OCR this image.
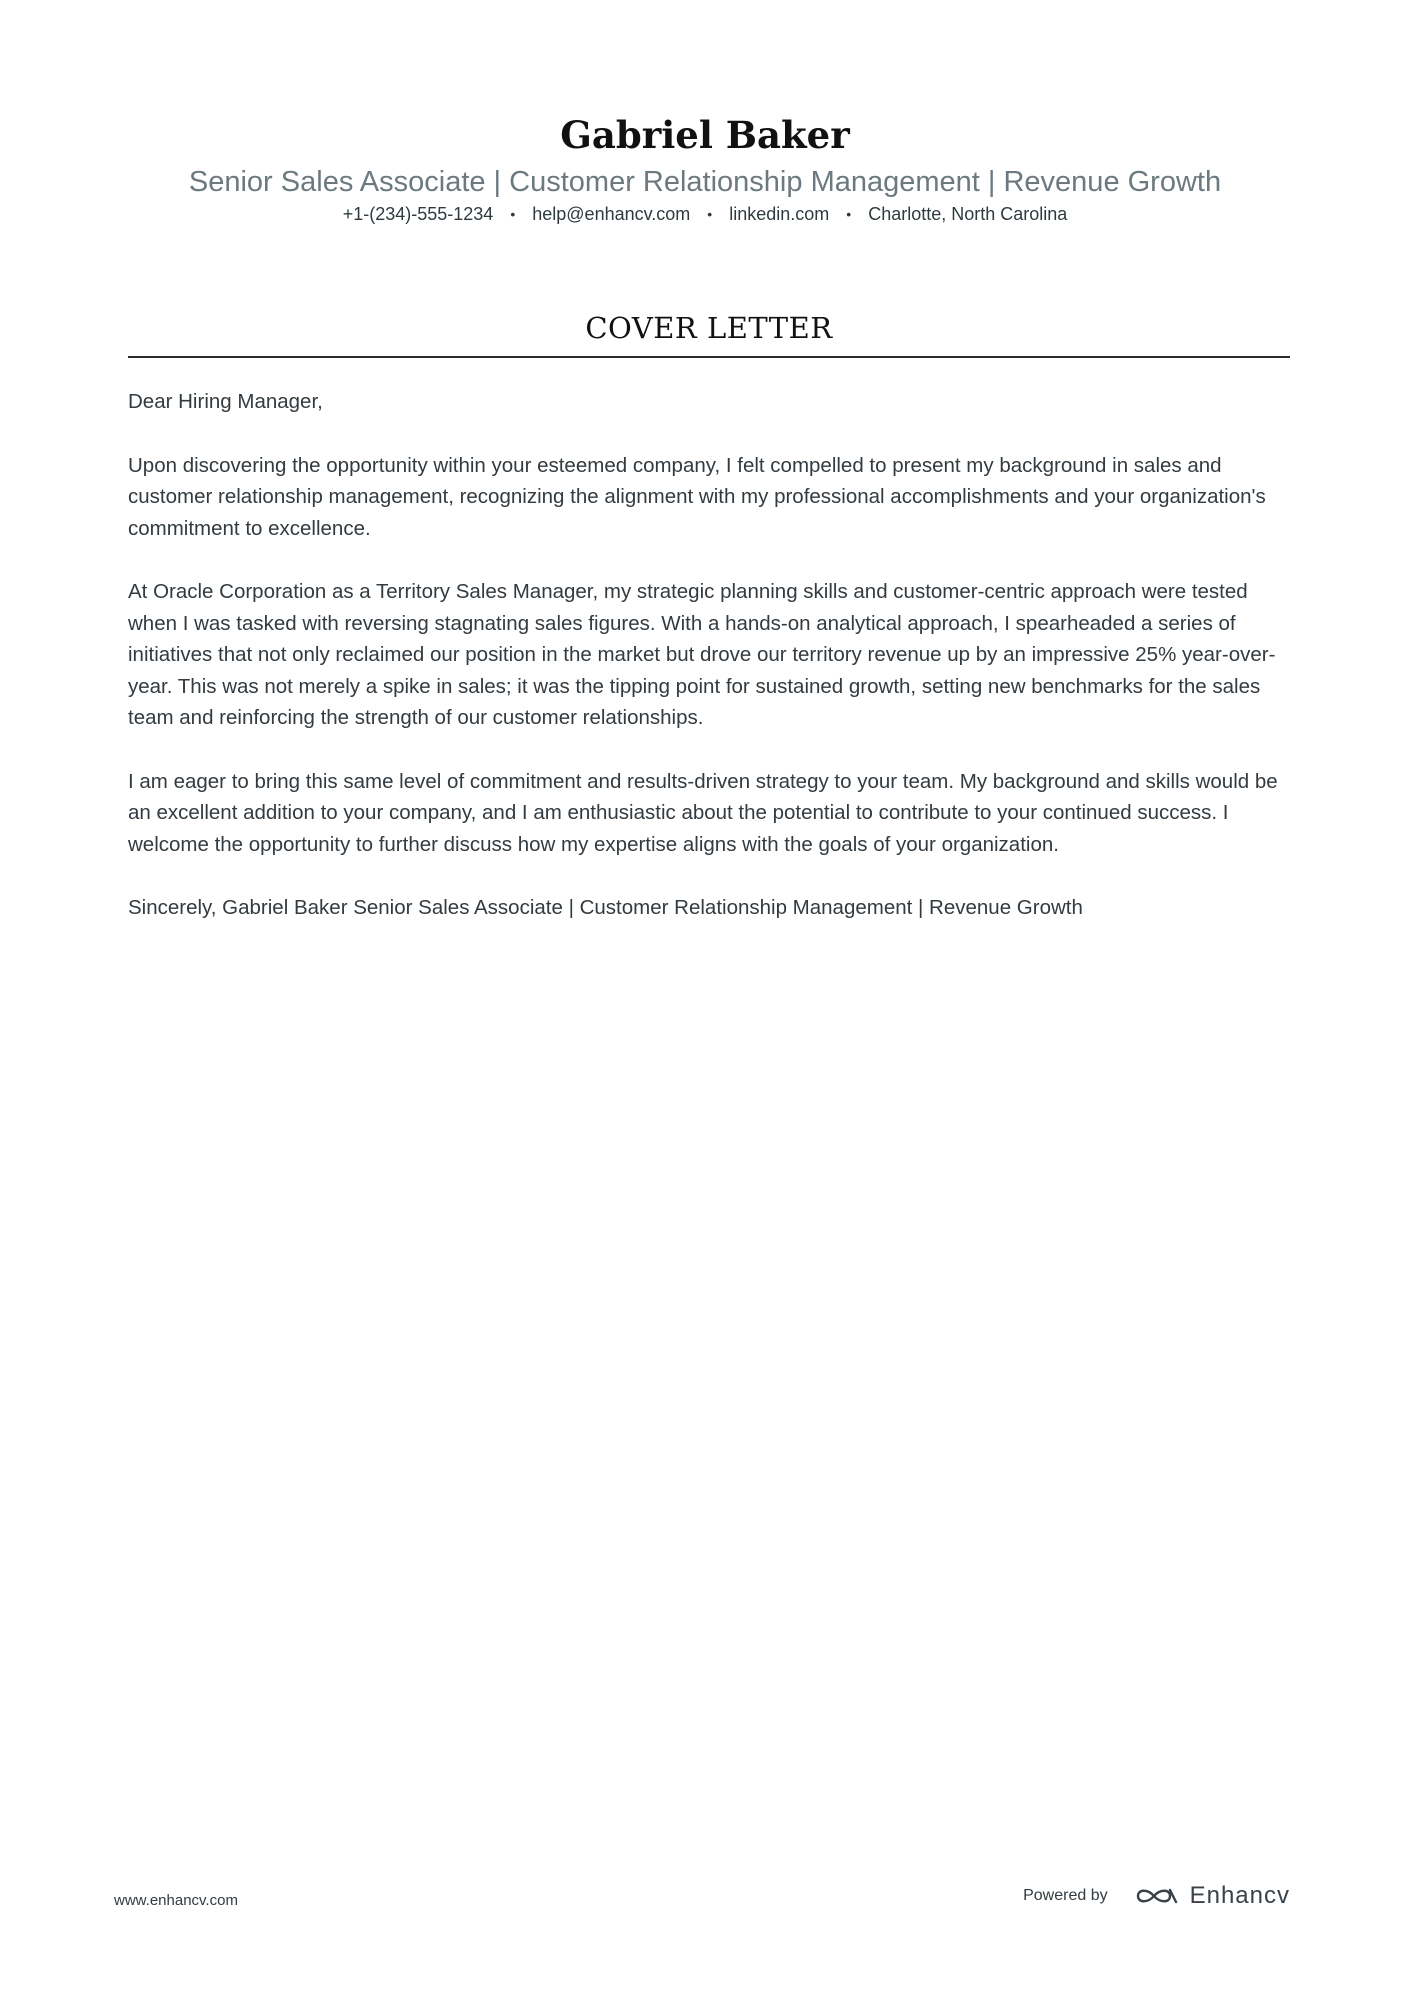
Gabriel Baker
Senior Sales Associate | Customer Relationship Management | Revenue Growth
+1-(234)-555-1234 • help@enhancv.com • linkedin.com • Charlotte, North Carolina
COVER LETTER

Dear Hiring Manager,

Upon discovering the opportunity within your esteemed company, I felt compelled to present my background in sales and customer relationship management, recognizing the alignment with my professional accomplishments and your organization's commitment to excellence.

At Oracle Corporation as a Territory Sales Manager, my strategic planning skills and customer-centric approach were tested when I was tasked with reversing stagnating sales figures. With a hands-on analytical approach, I spearheaded a series of initiatives that not only reclaimed our position in the market but drove our territory revenue up by an impressive 25% year-over-year. This was not merely a spike in sales; it was the tipping point for sustained growth, setting new benchmarks for the sales team and reinforcing the strength of our customer relationships.

I am eager to bring this same level of commitment and results-driven strategy to your team. My background and skills would be an excellent addition to your company, and I am enthusiastic about the potential to contribute to your continued success. I welcome the opportunity to further discuss how my expertise aligns with the goals of your organization.

Sincerely, Gabriel Baker Senior Sales Associate | Customer Relationship Management | Revenue Growth

www.enhancv.com	Powered by	Enhancv
